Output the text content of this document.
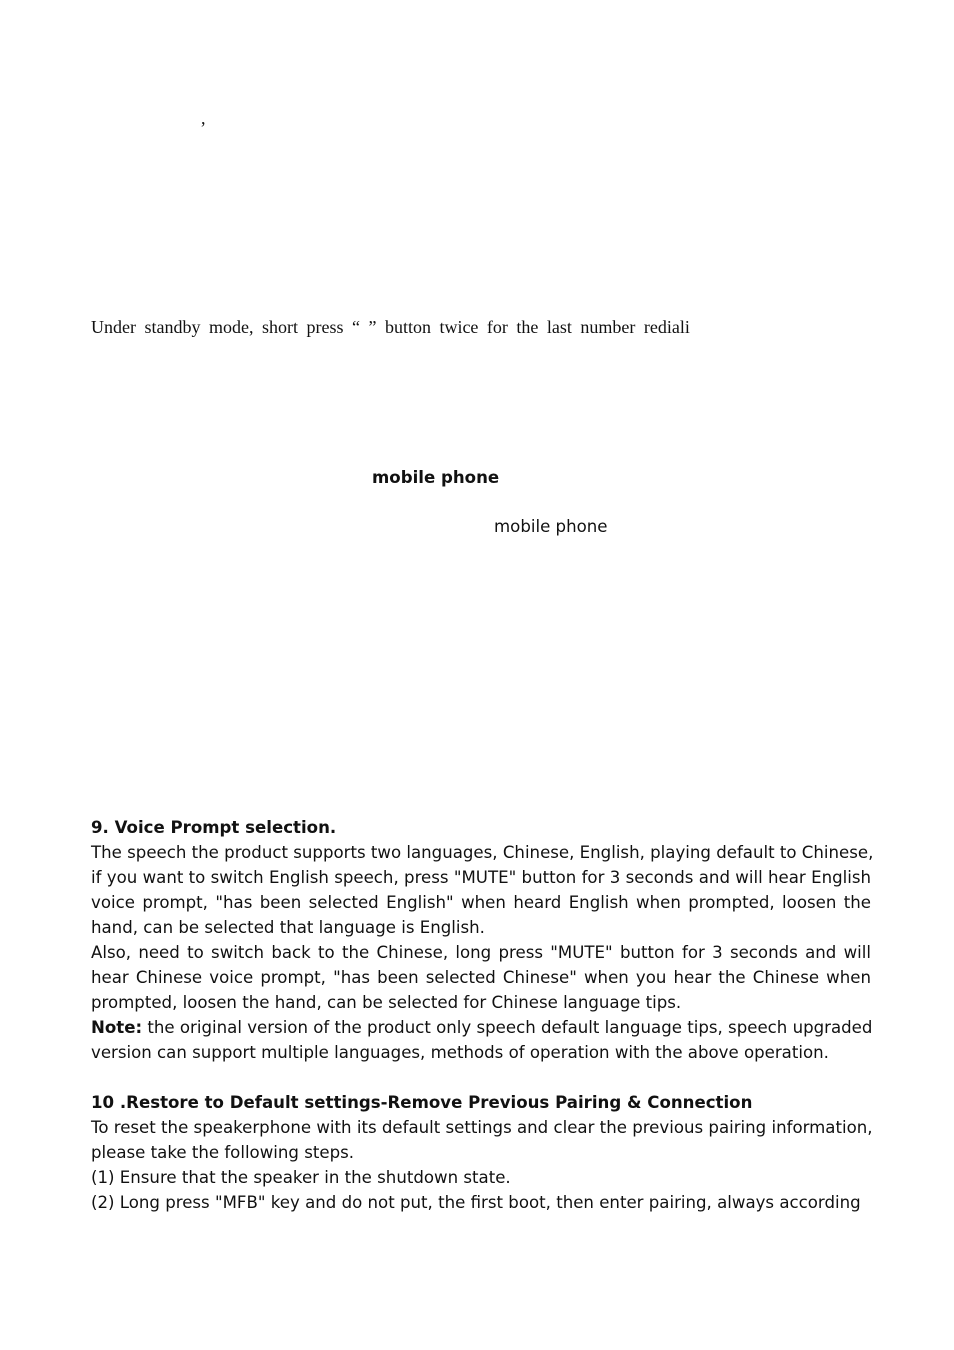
,
Under standby mode, short press “ ” button twice for the last number rediali
mobile phone
mobile phone
9. Voice Prompt selection.
The speech the product supports two languages, Chinese, English, playing default to Chinese,
if you want to switch English speech, press "MUTE" button for 3 seconds and will hear English
voice prompt, "has been selected English" when heard English when prompted, loosen the
hand, can be selected that language is English.
Also, need to switch back to the Chinese, long press "MUTE" button for 3 seconds and will
hear Chinese voice prompt, "has been selected Chinese" when you hear the Chinese when
prompted, loosen the hand, can be selected for Chinese language tips.
Note: the original version of the product only speech default language tips, speech upgraded
version can support multiple languages, methods of operation with the above operation.
10 .Restore to Default settings-Remove Previous Pairing & Connection
To reset the speakerphone with its default settings and clear the previous pairing information,
please take the following steps.
(1) Ensure that the speaker in the shutdown state.
(2) Long press "MFB" key and do not put, the first boot, then enter pairing, always according
